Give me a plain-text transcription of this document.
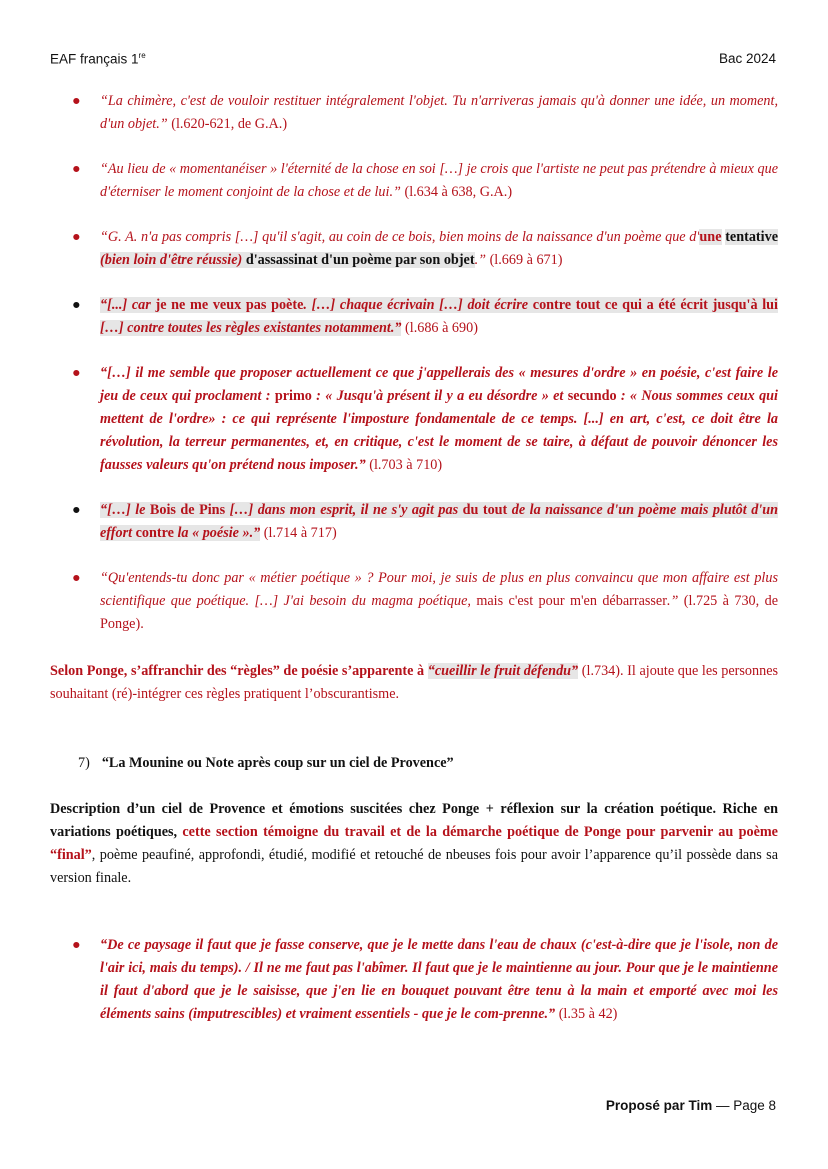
EAF français 1re	Bac 2024
● “La chimère, c'est de vouloir restituer intégralement l'objet. Tu n'arriveras jamais qu'à donner une idée, un moment, d'un objet.” (l.620-621, de G.A.)
● “Au lieu de « momentanéiser » l'éternité de la chose en soi […] je crois que l'artiste ne peut pas prétendre à mieux que d'éterniser le moment conjoint de la chose et de lui.” (l.634 à 638, G.A.)
● “G. A. n'a pas compris […] qu'il s'agit, au coin de ce bois, bien moins de la naissance d'un poème que d'une tentative (bien loin d'être réussie) d'assassinat d'un poème par son objet.” (l.669 à 671)
● “[...] car je ne me veux pas poète. […] chaque écrivain […] doit écrire contre tout ce qui a été écrit jusqu'à lui […] contre toutes les règles existantes notamment.” (l.686 à 690)
● “[…] il me semble que proposer actuellement ce que j'appellerais des « mesures d'ordre » en poésie, c'est faire le jeu de ceux qui proclament : primo : « Jusqu'à présent il y a eu désordre » et secundo : « Nous sommes ceux qui mettent de l'ordre» : ce qui représente l'imposture fondamentale de ce temps. [...] en art, c'est, ce doit être la révolution, la terreur permanentes, et, en critique, c'est le moment de se taire, à défaut de pouvoir dénoncer les fausses valeurs qu'on prétend nous imposer.” (l.703 à 710)
● “[…] le Bois de Pins […] dans mon esprit, il ne s'y agit pas du tout de la naissance d'un poème mais plutôt d'un effort contre la « poésie ».” (l.714 à 717)
● “Qu'entends-tu donc par « métier poétique » ? Pour moi, je suis de plus en plus convaincu que mon affaire est plus scientifique que poétique. […] J'ai besoin du magma poétique, mais c'est pour m'en débarrasser.” (l.725 à 730, de Ponge).
Selon Ponge, s’affranchir des “règles” de poésie s’apparente à “cueillir le fruit défendu” (l.734). Il ajoute que les personnes souhaitant (ré)-intégrer ces règles pratiquent l’obscurantisme.
7) “La Mounine ou Note après coup sur un ciel de Provence”
Description d’un ciel de Provence et émotions suscitées chez Ponge + réflexion sur la création poétique. Riche en variations poétiques, cette section témoigne du travail et de la démarche poétique de Ponge pour parvenir au poème “final”, poème peaufiné, approfondi, étudié, modifié et retouché de nbeuses fois pour avoir l’apparence qu’il possède dans sa version finale.
● “De ce paysage il faut que je fasse conserve, que je le mette dans l'eau de chaux (c'est-à-dire que je l'isole, non de l'air ici, mais du temps). / Il ne me faut pas l'abîmer. Il faut que je le maintienne au jour. Pour que je le maintienne il faut d'abord que je le saisisse, que j'en lie en bouquet pouvant être tenu à la main et emporté avec moi les éléments sains (imputrescibles) et vraiment essentiels - que je le com-prenne.” (l.35 à 42)
Proposé par Tim — Page 8
